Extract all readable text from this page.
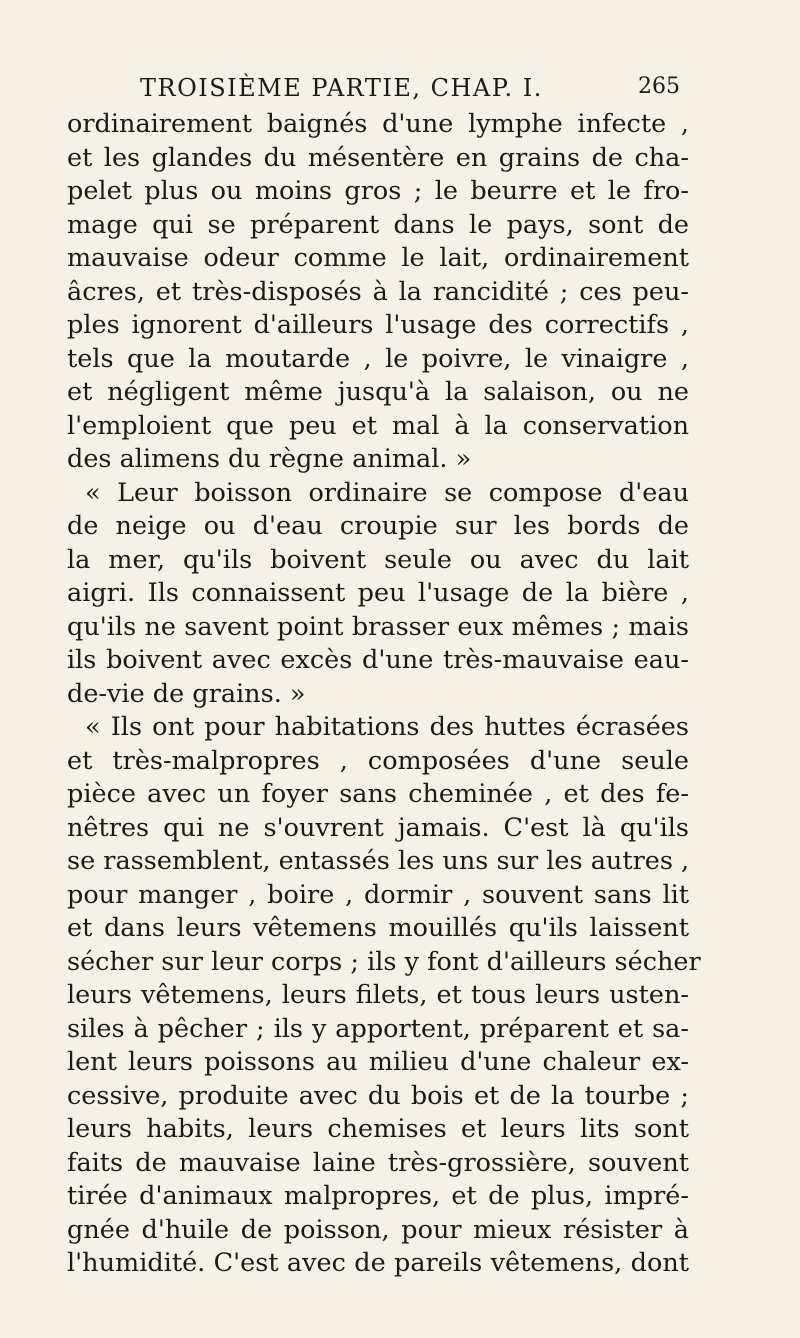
TROISIÈME PARTIE, CHAP. I.	265
ordinairement baignés d'une lymphe infecte ,
et les glandes du mésentère en grains de cha-
pelet plus ou moins gros ; le beurre et le fro-
mage qui se préparent dans le pays, sont de
mauvaise odeur comme le lait, ordinairement
âcres, et très-disposés à la rancidité ; ces peu-
ples ignorent d'ailleurs l'usage des correctifs ,
tels que la moutarde , le poivre, le vinaigre ,
et négligent même jusqu'à la salaison, ou ne
l'emploient que peu et mal à la conservation
des alimens du règne animal. »
« Leur boisson ordinaire se compose d'eau
de neige ou d'eau croupie sur les bords de
la mer, qu'ils boivent seule ou avec du lait
aigri. Ils connaissent peu l'usage de la bière ,
qu'ils ne savent point brasser eux mêmes ; mais
ils boivent avec excès d'une très-mauvaise eau-
de-vie de grains. »
« Ils ont pour habitations des huttes écrasées
et très-malpropres , composées d'une seule
pièce avec un foyer sans cheminée , et des fe-
nêtres qui ne s'ouvrent jamais. C'est là qu'ils
se rassemblent, entassés les uns sur les autres ,
pour manger , boire , dormir , souvent sans lit
et dans leurs vêtemens mouillés qu'ils laissent
sécher sur leur corps ; ils y font d'ailleurs sécher
leurs vêtemens, leurs filets, et tous leurs usten-
siles à pêcher ; ils y apportent, préparent et sa-
lent leurs poissons au milieu d'une chaleur ex-
cessive, produite avec du bois et de la tourbe ;
leurs habits, leurs chemises et leurs lits sont
faits de mauvaise laine très-grossière, souvent
tirée d'animaux malpropres, et de plus, impré-
gnée d'huile de poisson, pour mieux résister à
l'humidité. C'est avec de pareils vêtemens, dont
